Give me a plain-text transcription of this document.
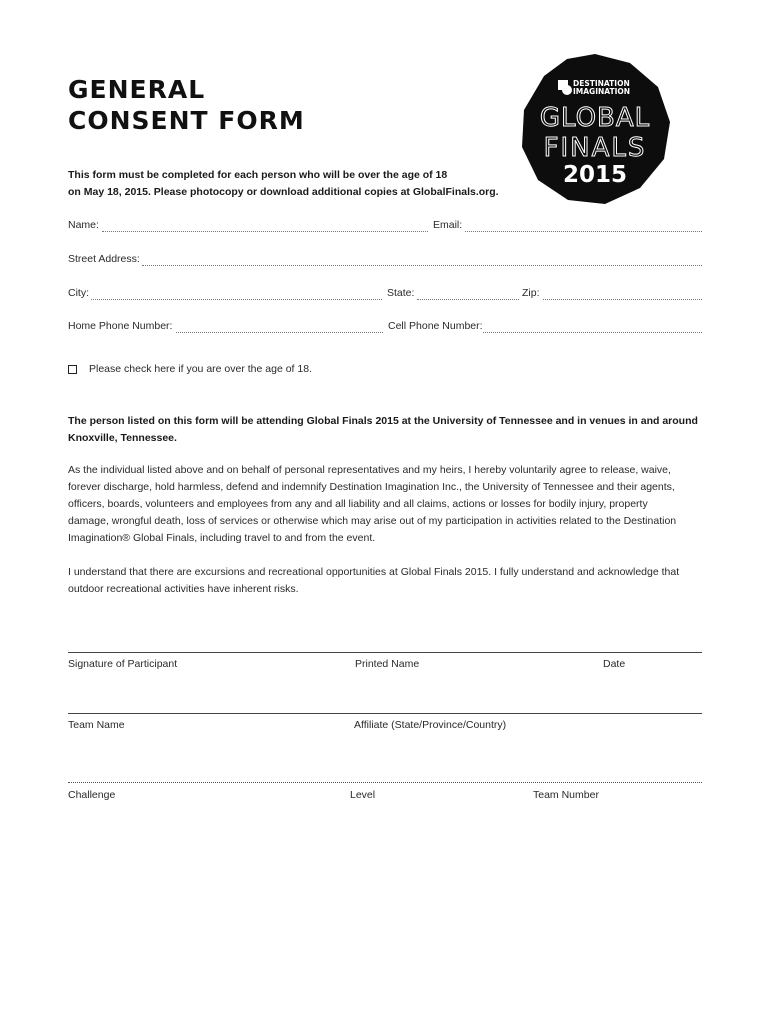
GENERAL
CONSENT FORM
DESTINATION
IMAGINATION
GLOBAL
FINALS
2015
This form must be completed for each person who will be over the age of 18
on May 18, 2015. Please photocopy or download additional copies at GlobalFinals.org.
Name:	Email:
Street Address:
City:	State:	Zip:
Home Phone Number:	Cell Phone Number:
Please check here if you are over the age of 18.
The person listed on this form will be attending Global Finals 2015 at the University of Tennessee and in venues in and around
Knoxville, Tennessee.
As the individual listed above and on behalf of personal representatives and my heirs, I hereby voluntarily agree to release, waive,
forever discharge, hold harmless, defend and indemnify Destination Imagination Inc., the University of Tennessee and their agents,
officers, boards, volunteers and employees from any and all liability and all claims, actions or losses for bodily injury, property
damage, wrongful death, loss of services or otherwise which may arise out of my participation in activities related to the Destination
Imagination® Global Finals, including travel to and from the event.
I understand that there are excursions and recreational opportunities at Global Finals 2015. I fully understand and acknowledge that
outdoor recreational activities have inherent risks.
Signature of Participant	Printed Name	Date
Team Name	Affiliate (State/Province/Country)
Challenge	Level	Team Number
